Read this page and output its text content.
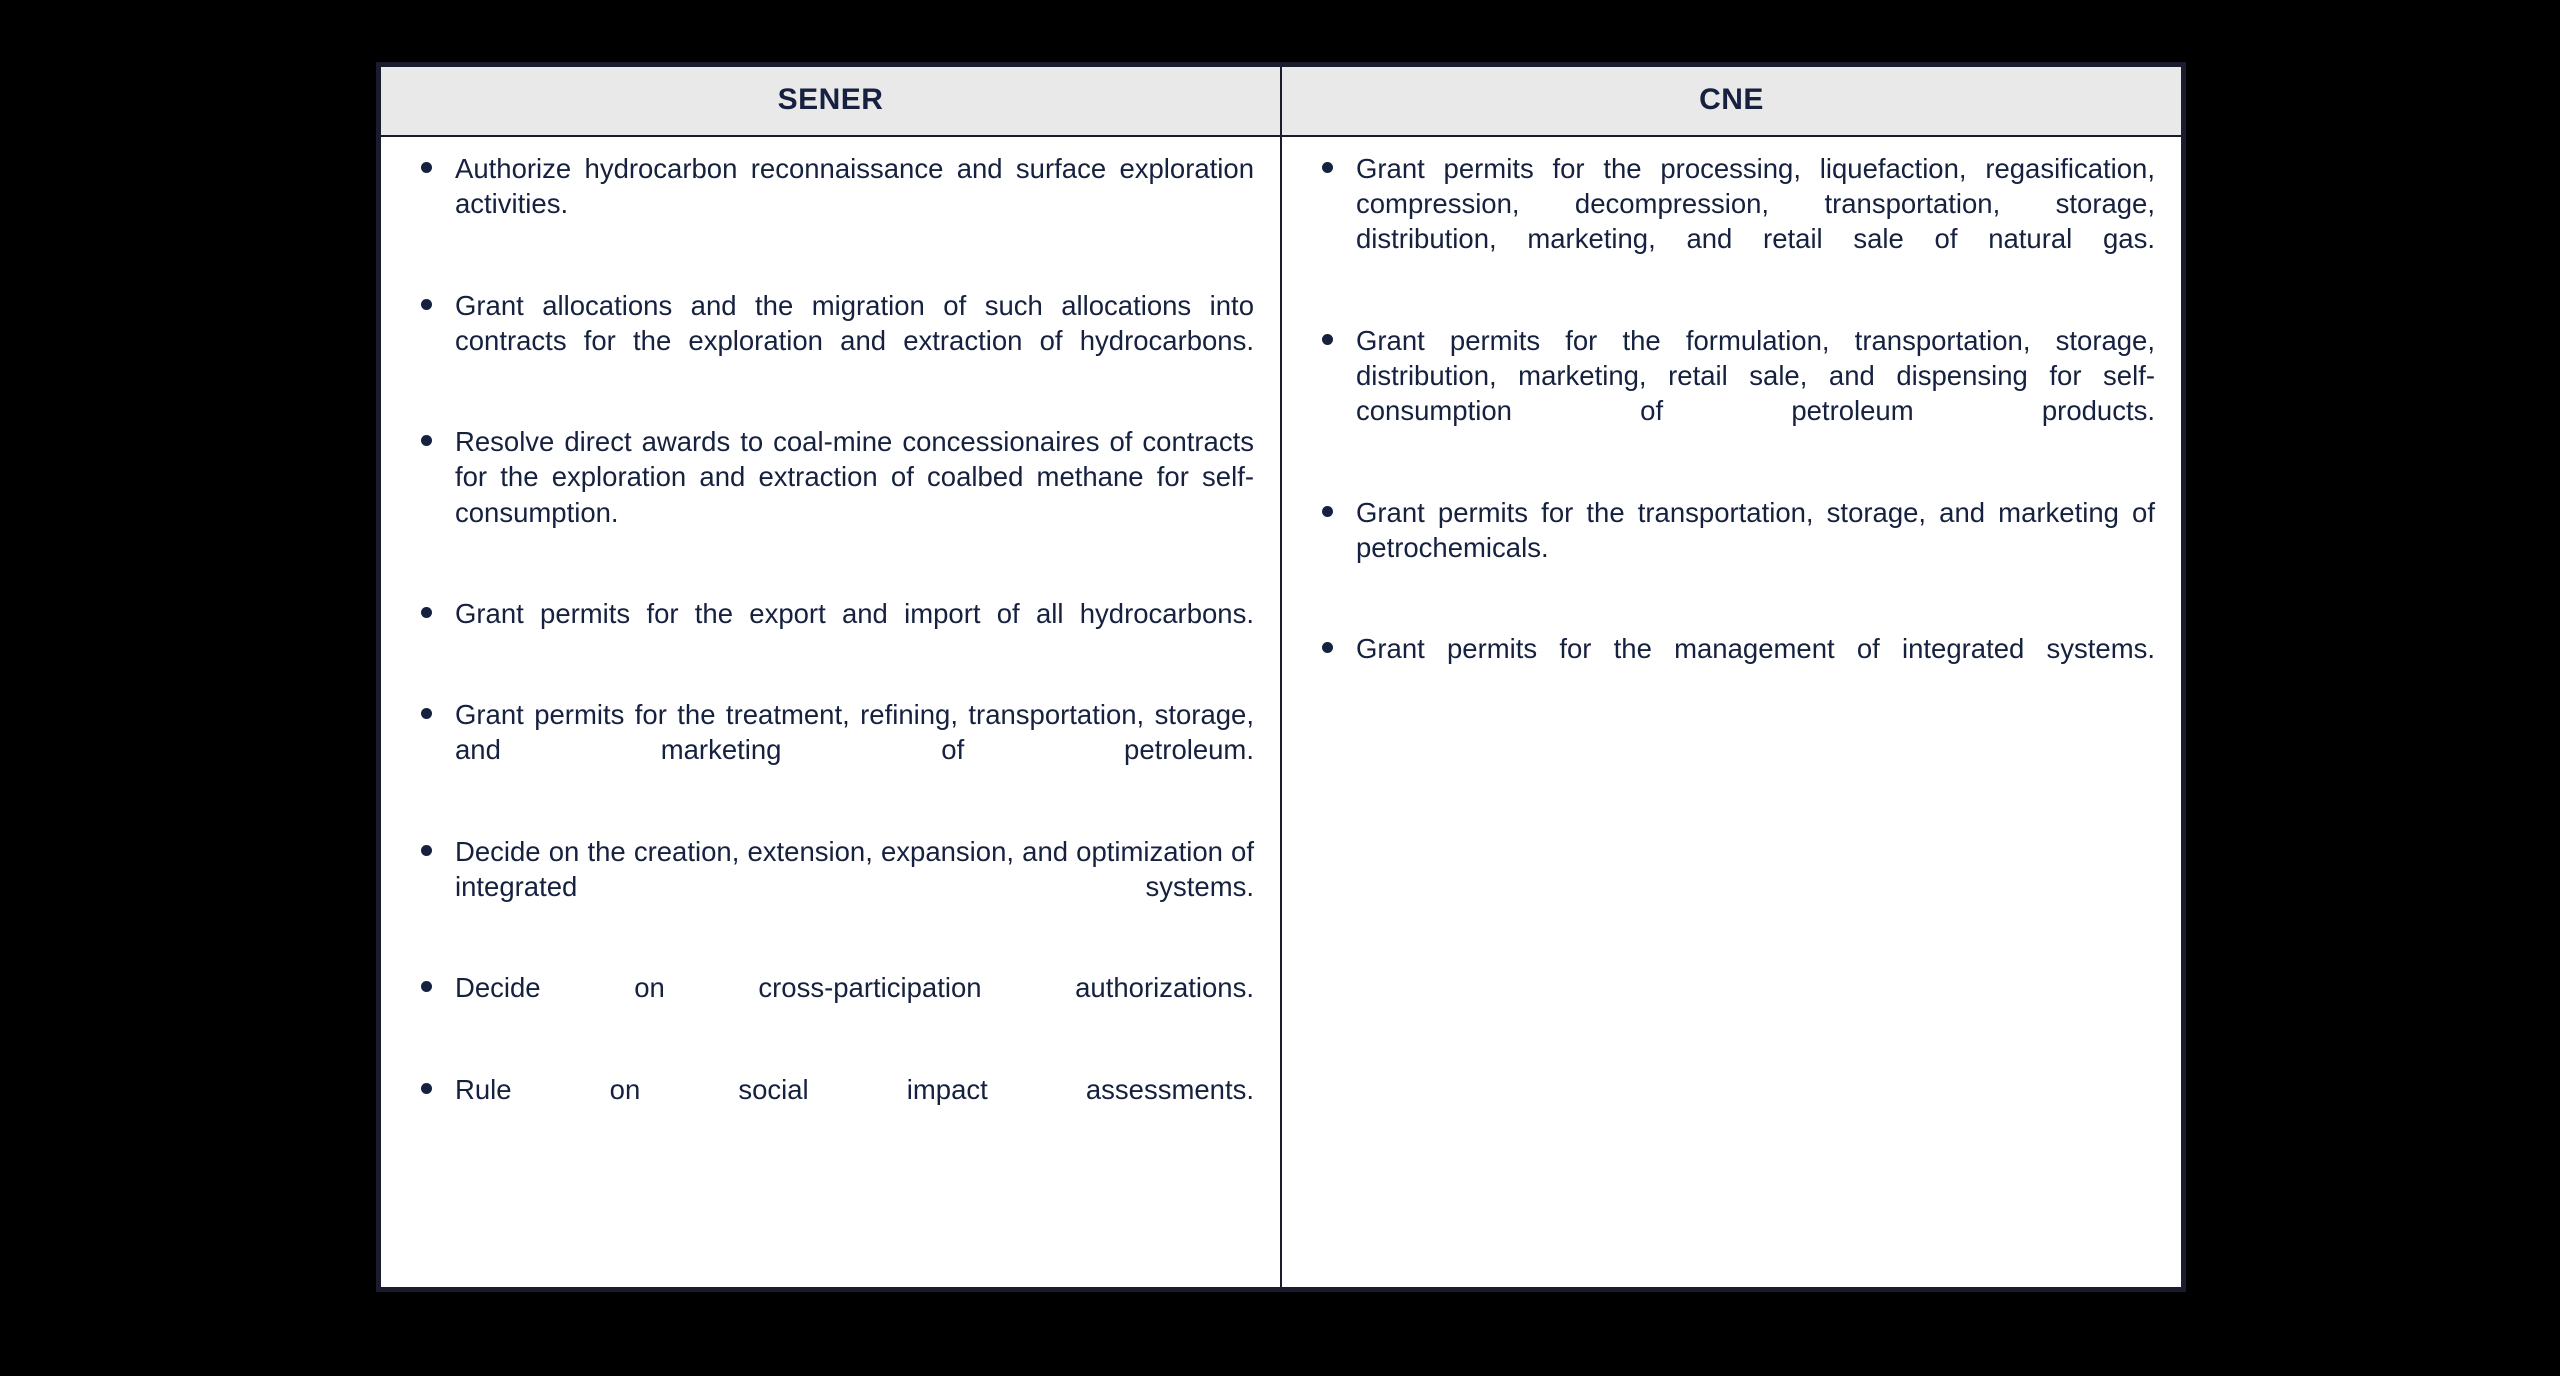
SENER	CNE

Authorize hydrocarbon reconnaissance and surface exploration activities.
Grant allocations and the migration of such allocations into contracts for the exploration and extraction of hydrocarbons.
Resolve direct awards to coal-mine concessionaires of contracts for the exploration and extraction of coalbed methane for self-consumption.
Grant permits for the export and import of all hydrocarbons.
Grant permits for the treatment, refining, transportation, storage, and marketing of petroleum.
Decide on the creation, extension, expansion, and optimization of integrated systems.
Decide on cross-participation authorizations.
Rule on social impact assessments.

Grant permits for the processing, liquefaction, regasification, compression, decompression, transportation, storage, distribution, marketing, and retail sale of natural gas.
Grant permits for the formulation, transportation, storage, distribution, marketing, retail sale, and dispensing for self-consumption of petroleum products.
Grant permits for the transportation, storage, and marketing of petrochemicals.
Grant permits for the management of integrated systems.
